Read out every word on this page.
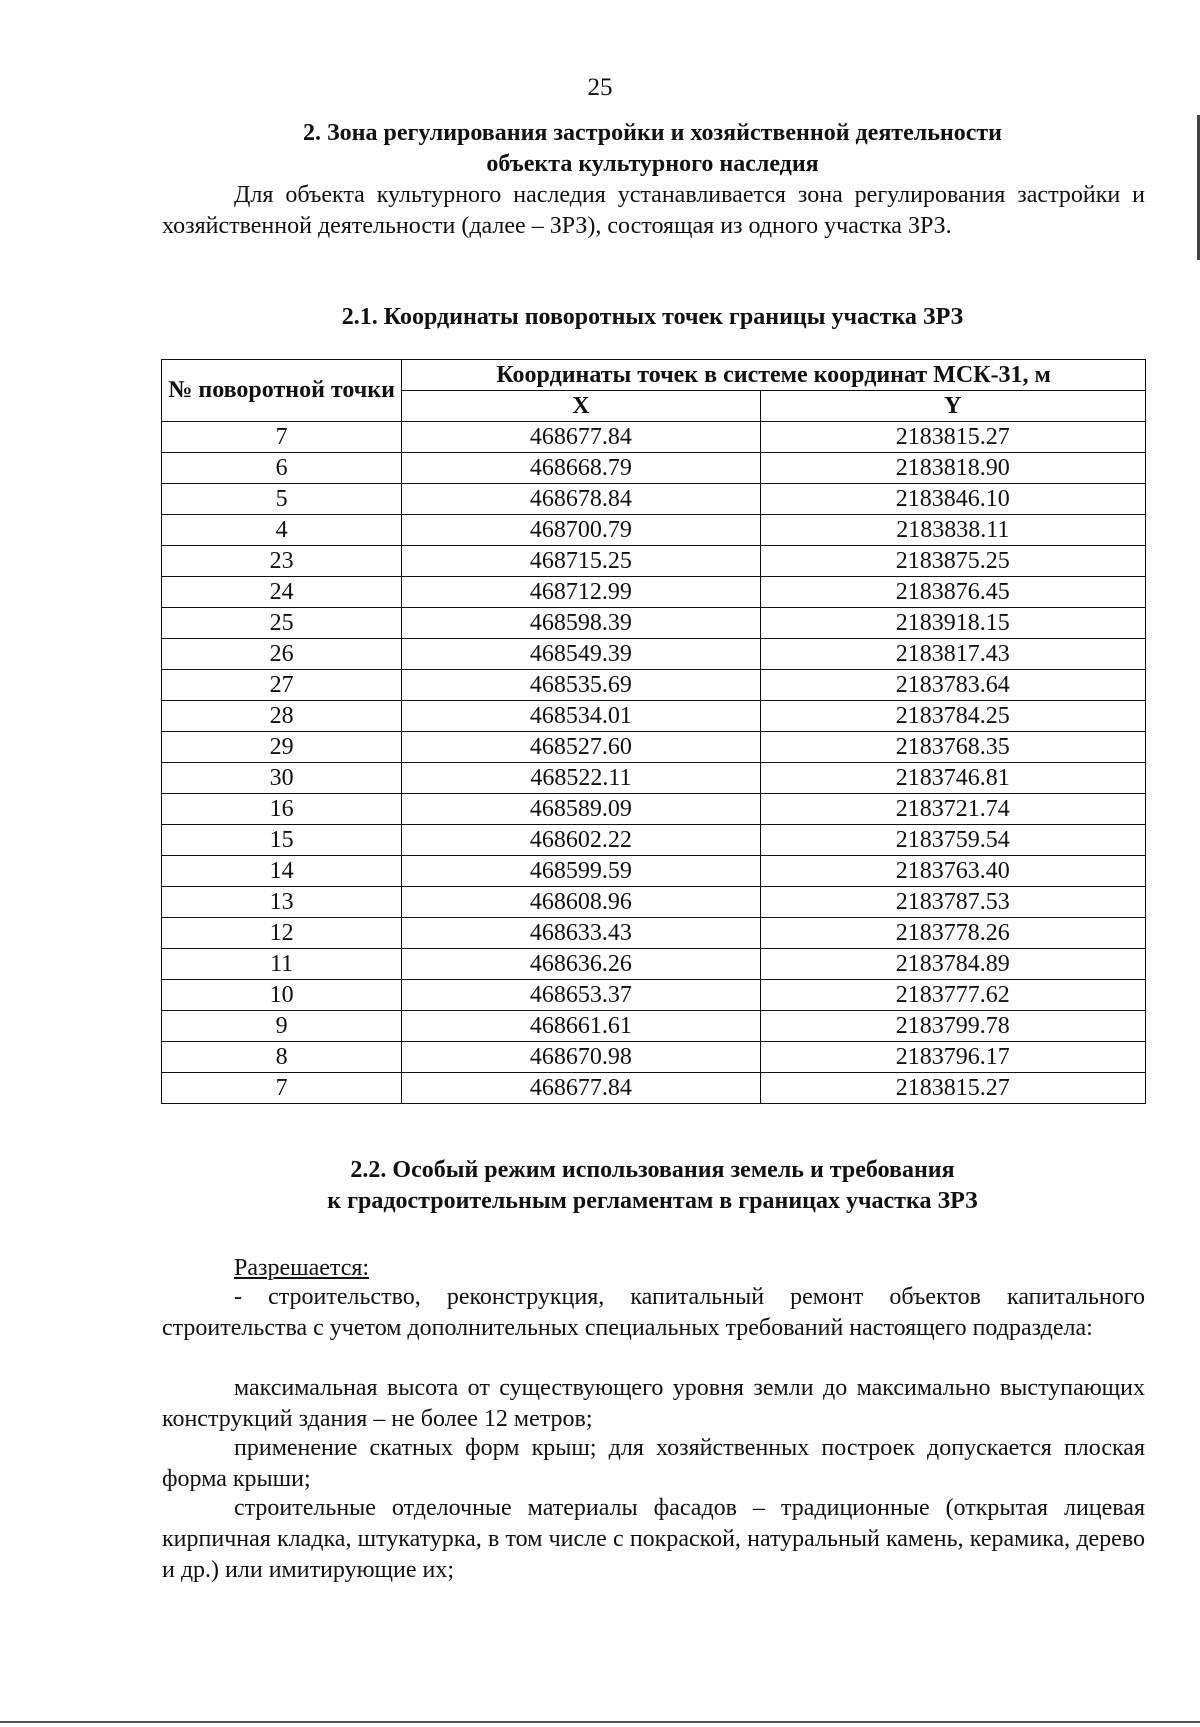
25
2. Зона регулирования застройки и хозяйственной деятельности
объекта культурного наследия
Для объекта культурного наследия устанавливается зона регулирования застройки и хозяйственной деятельности (далее – ЗРЗ), состоящая из одного участка ЗРЗ.
2.1. Координаты поворотных точек границы участка ЗРЗ
№ поворотной точки	Координаты точек в системе координат МСК-31, м	
	X	Y
7	468677.84	2183815.27
6	468668.79	2183818.90
5	468678.84	2183846.10
4	468700.79	2183838.11
23	468715.25	2183875.25
24	468712.99	2183876.45
25	468598.39	2183918.15
26	468549.39	2183817.43
27	468535.69	2183783.64
28	468534.01	2183784.25
29	468527.60	2183768.35
30	468522.11	2183746.81
16	468589.09	2183721.74
15	468602.22	2183759.54
14	468599.59	2183763.40
13	468608.96	2183787.53
12	468633.43	2183778.26
11	468636.26	2183784.89
10	468653.37	2183777.62
9	468661.61	2183799.78
8	468670.98	2183796.17
7	468677.84	2183815.27
2.2. Особый режим использования земель и требования
к градостроительным регламентам в границах участка ЗРЗ
Разрешается:
- строительство, реконструкция, капитальный ремонт объектов капитального строительства с учетом дополнительных специальных требований настоящего подраздела:
максимальная высота от существующего уровня земли до максимально выступающих конструкций здания – не более 12 метров;
применение скатных форм крыш; для хозяйственных построек допускается плоская форма крыши;
строительные отделочные материалы фасадов – традиционные (открытая лицевая кирпичная кладка, штукатурка, в том числе с покраской, натуральный камень, керамика, дерево и др.) или имитирующие их;
